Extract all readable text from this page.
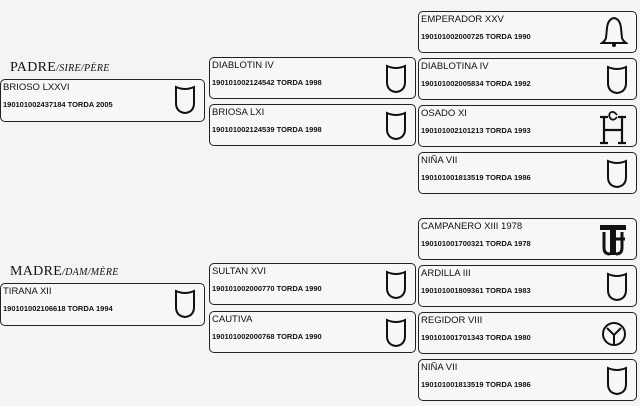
PADRE/SIRE/PÈRE
MADRE/DAM/MÈRE
BRIOSO LXXVI
190101002437184 TORDA 2005
TIRANA XII
190101002106618 TORDA 1994
DIABLOTIN IV
190101002124542 TORDA 1998
BRIOSA LXI
190101002124539 TORDA 1998
SULTAN XVI
190101002000770 TORDA 1990
CAUTIVA
190101002000768 TORDA 1990
EMPERADOR XXV
190101002000725 TORDA 1990
DIABLOTINA IV
190101002005834 TORDA 1992
OSADO XI
190101002101213 TORDA 1993
NIÑA VII
190101001813519 TORDA 1986
CAMPANERO XIII 1978
190101001700321 TORDA 1978
ARDILLA III
190101001809361 TORDA 1983
REGIDOR VIII
190101001701343 TORDA 1980
NIÑA VII
190101001813519 TORDA 1986
